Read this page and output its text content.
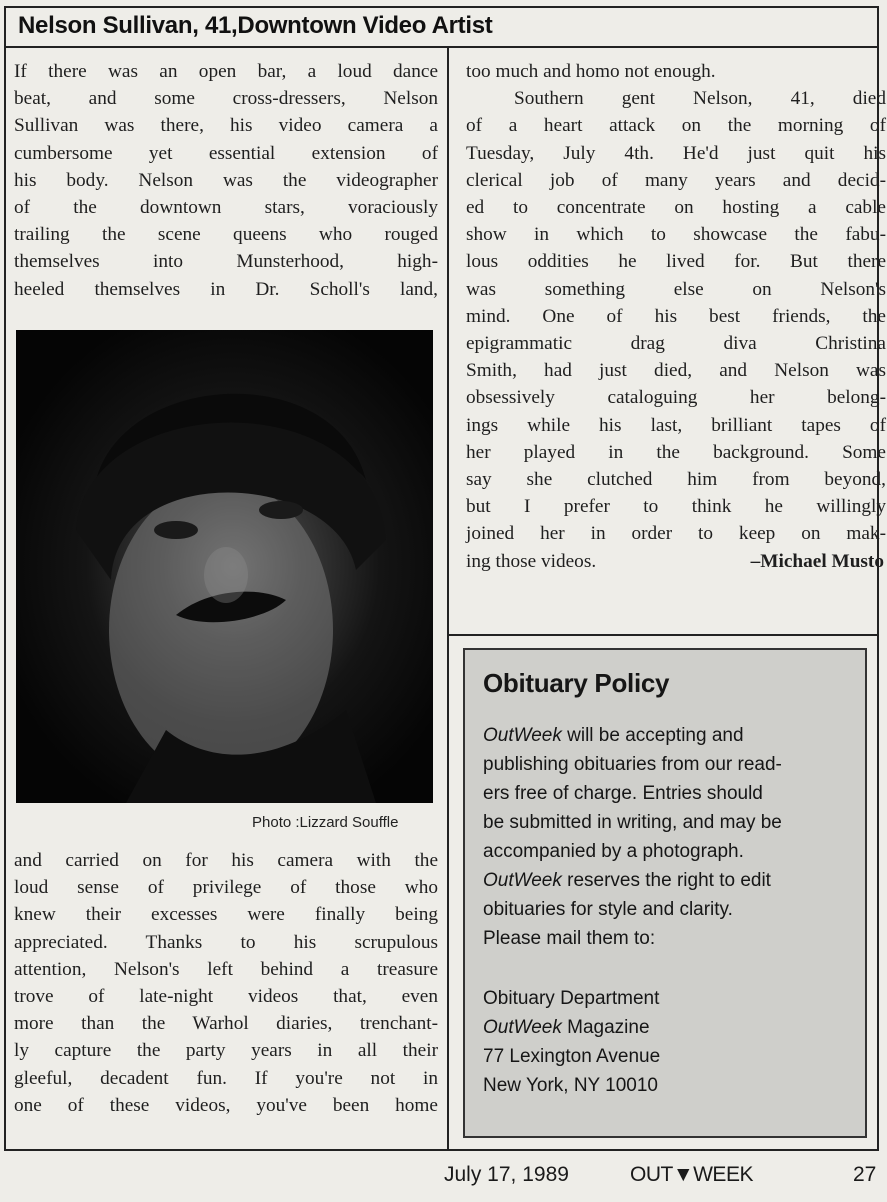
Nelson Sullivan, 41,Downtown Video Artist
If there was an open bar, a loud dance
beat, and some cross-dressers, Nelson
Sullivan was there, his video camera a
cumbersome yet essential extension of
his body. Nelson was the videographer
of the downtown stars, voraciously
trailing the scene queens who rouged
themselves into Munsterhood, high-
heeled themselves in Dr. Scholl's land,
Photo :Lizzard Souffle
and carried on for his camera with the
loud sense of privilege of those who
knew their excesses were finally being
appreciated. Thanks to his scrupulous
attention, Nelson's left behind a treasure
trove of late-night videos that, even
more than the Warhol diaries, trenchant-
ly capture the party years in all their
gleeful, decadent fun. If you're not in
one of these videos, you've been home
too much and homo not enough.
Southern gent Nelson, 41, died
of a heart attack on the morning of
Tuesday, July 4th. He'd just quit his
clerical job of many years and decid-
ed to concentrate on hosting a cable
show in which to showcase the fabu-
lous oddities he lived for. But there
was something else on Nelson's
mind. One of his best friends, the
epigrammatic drag diva Christina
Smith, had just died, and Nelson was
obsessively cataloguing her belong-
ings while his last, brilliant tapes of
her played in the background. Some
say she clutched him from beyond,
but I prefer to think he willingly
joined her in order to keep on mak-
ing those videos.	–Michael Musto
Obituary Policy

OutWeek will be accepting and
publishing obituaries from our read-
ers free of charge. Entries should
be submitted in writing, and may be
accompanied by a photograph.
OutWeek reserves the right to edit
obituaries for style and clarity.
Please mail them to:

Obituary Department
OutWeek Magazine
77 Lexington Avenue
New York, NY 10010

July 17, 1989	OUT▼WEEK	27
